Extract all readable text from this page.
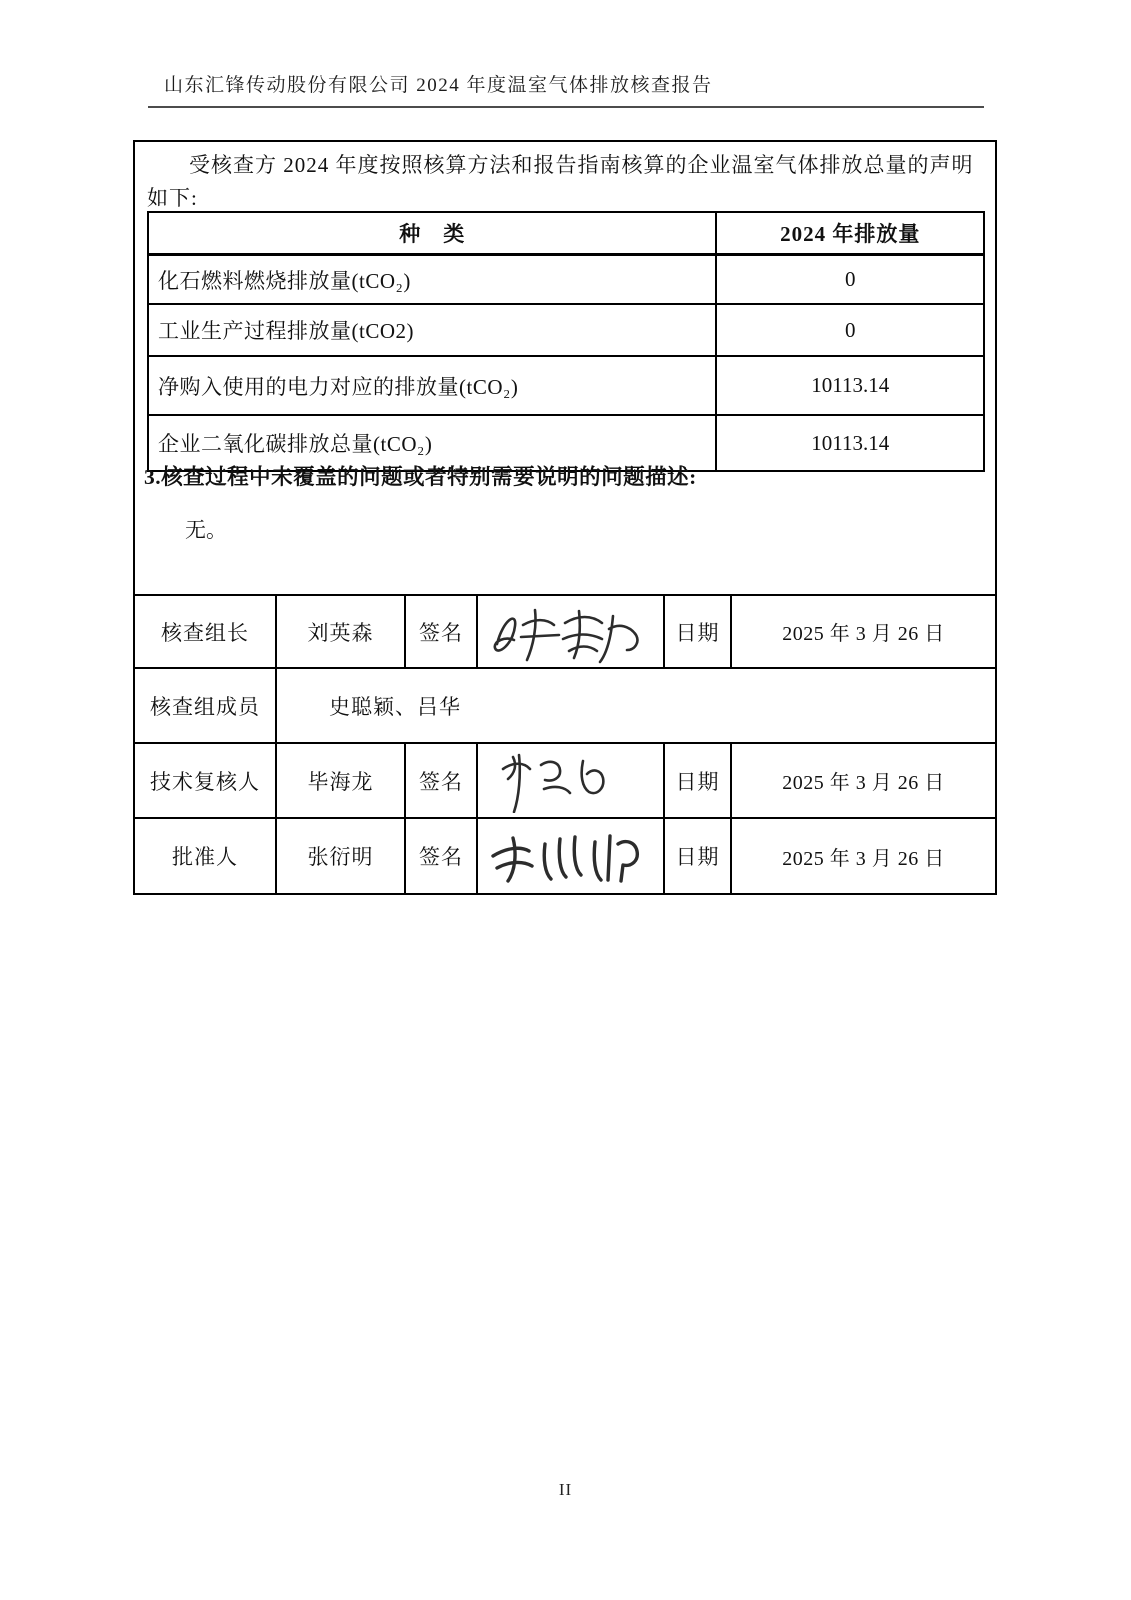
山东汇锋传动股份有限公司 2024 年度温室气体排放核查报告

受核查方 2024 年度按照核算方法和报告指南核算的企业温室气体排放总量的声明如下:

种　类	2024 年排放量
化石燃料燃烧排放量(tCO₂)	0
工业生产过程排放量(tCO2)	0
净购入使用的电力对应的排放量(tCO₂)	10113.14
企业二氧化碳排放总量(tCO₂)	10113.14
3.核查过程中未覆盖的问题或者特别需要说明的问题描述:

无。

核查组长	刘英森	签名		日期	2025 年 3 月 26 日
核查组成员	史聪颖、吕华				
技术复核人	毕海龙	签名		日期	2025 年 3 月 26 日
批准人	张衍明	签名		日期	2025 年 3 月 26 日
II
